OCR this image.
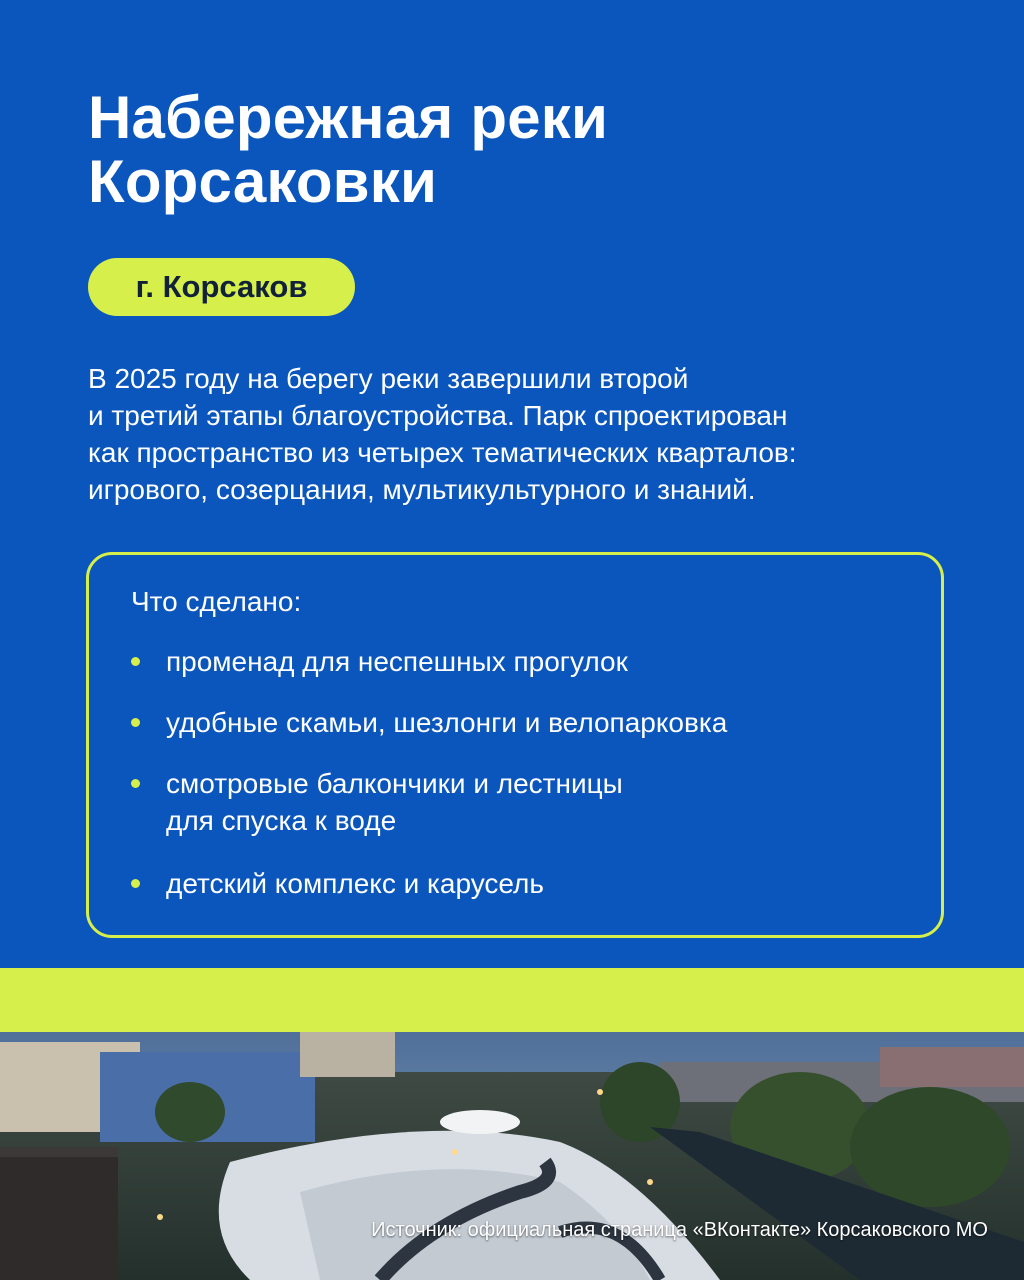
Набережная реки
Корсаковки
г. Корсаков

В 2025 году на берегу реки завершили второй
и третий этапы благоустройства. Парк спроектирован
как пространство из четырех тематических кварталов:
игрового, созерцания, мультикультурного и знаний.

Что сделано:
променад для неспешных прогулок
удобные скамьи, шезлонги и велопарковка
смотровые балкончики и лестницы
для спуска к воде
детский комплекс и карусель
Источник: официальная страница «ВКонтакте» Корсаковского МО
